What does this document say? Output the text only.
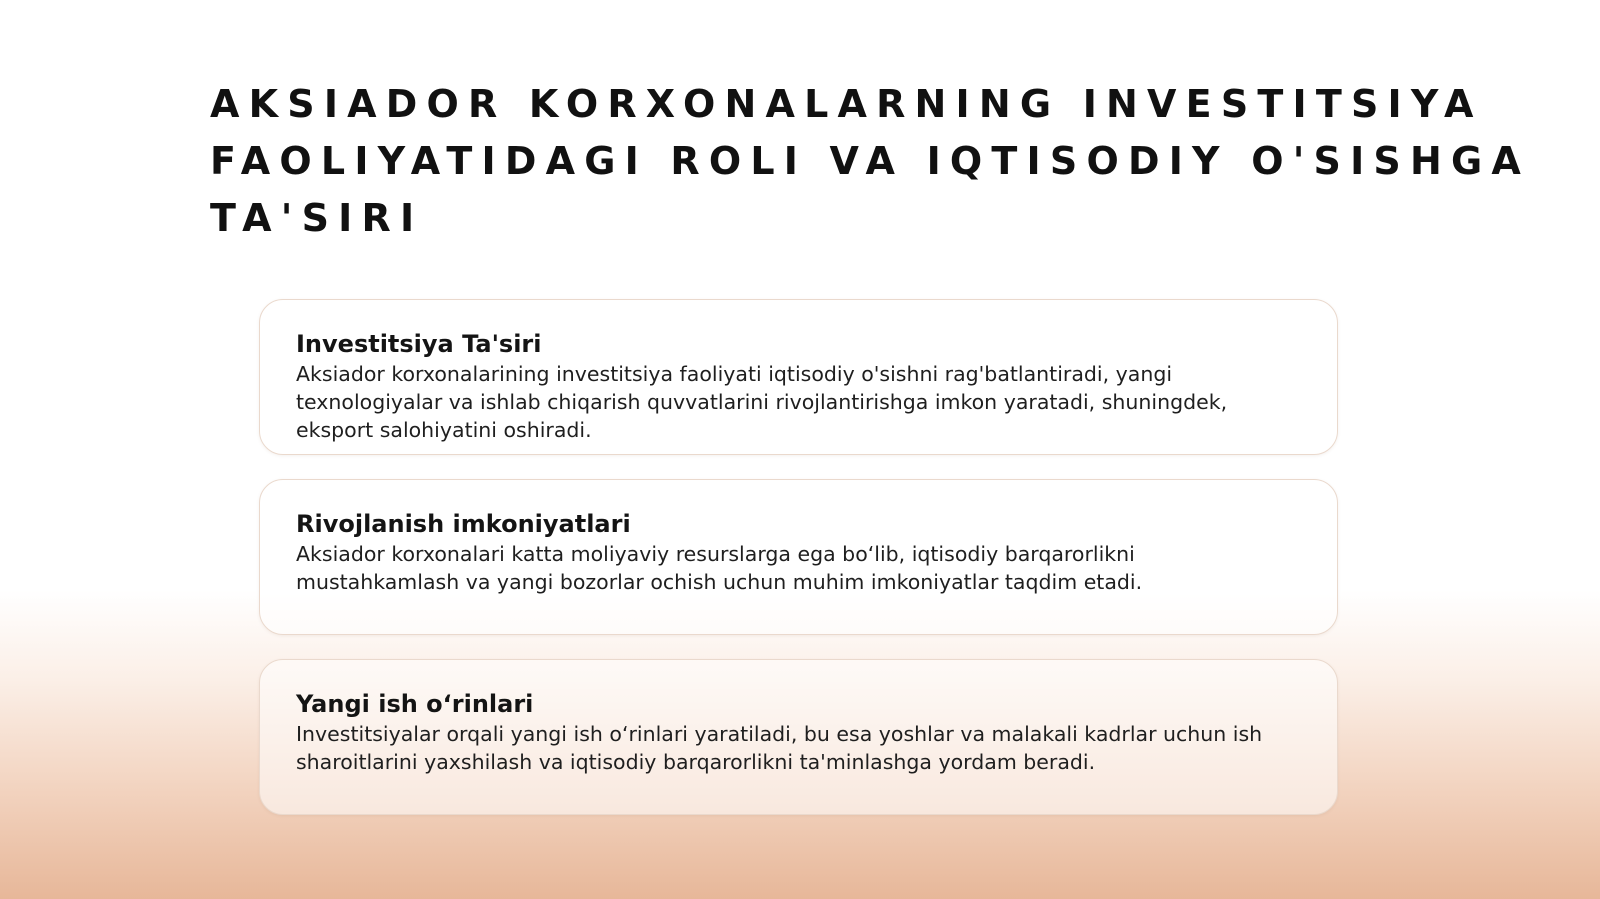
AKSIADOR KORXONALARNING INVESTITSIYA FAOLIYATIDAGI ROLI VA IQTISODIY O'SISHGA TA'SIRI
Investitsiya Ta'siri

Aksiador korxonalarining investitsiya faoliyati iqtisodiy o'sishni rag'batlantiradi, yangi texnologiyalar va ishlab chiqarish quvvatlarini rivojlantirishga imkon yaratadi, shuningdek, eksport salohiyatini oshiradi.

Rivojlanish imkoniyatlari

Aksiador korxonalari katta moliyaviy resurslarga ega bo‘lib, iqtisodiy barqarorlikni mustahkamlash va yangi bozorlar ochish uchun muhim imkoniyatlar taqdim etadi.

Yangi ish o‘rinlari

Investitsiyalar orqali yangi ish o‘rinlari yaratiladi, bu esa yoshlar va malakali kadrlar uchun ish sharoitlarini yaxshilash va iqtisodiy barqarorlikni ta'minlashga yordam beradi.
